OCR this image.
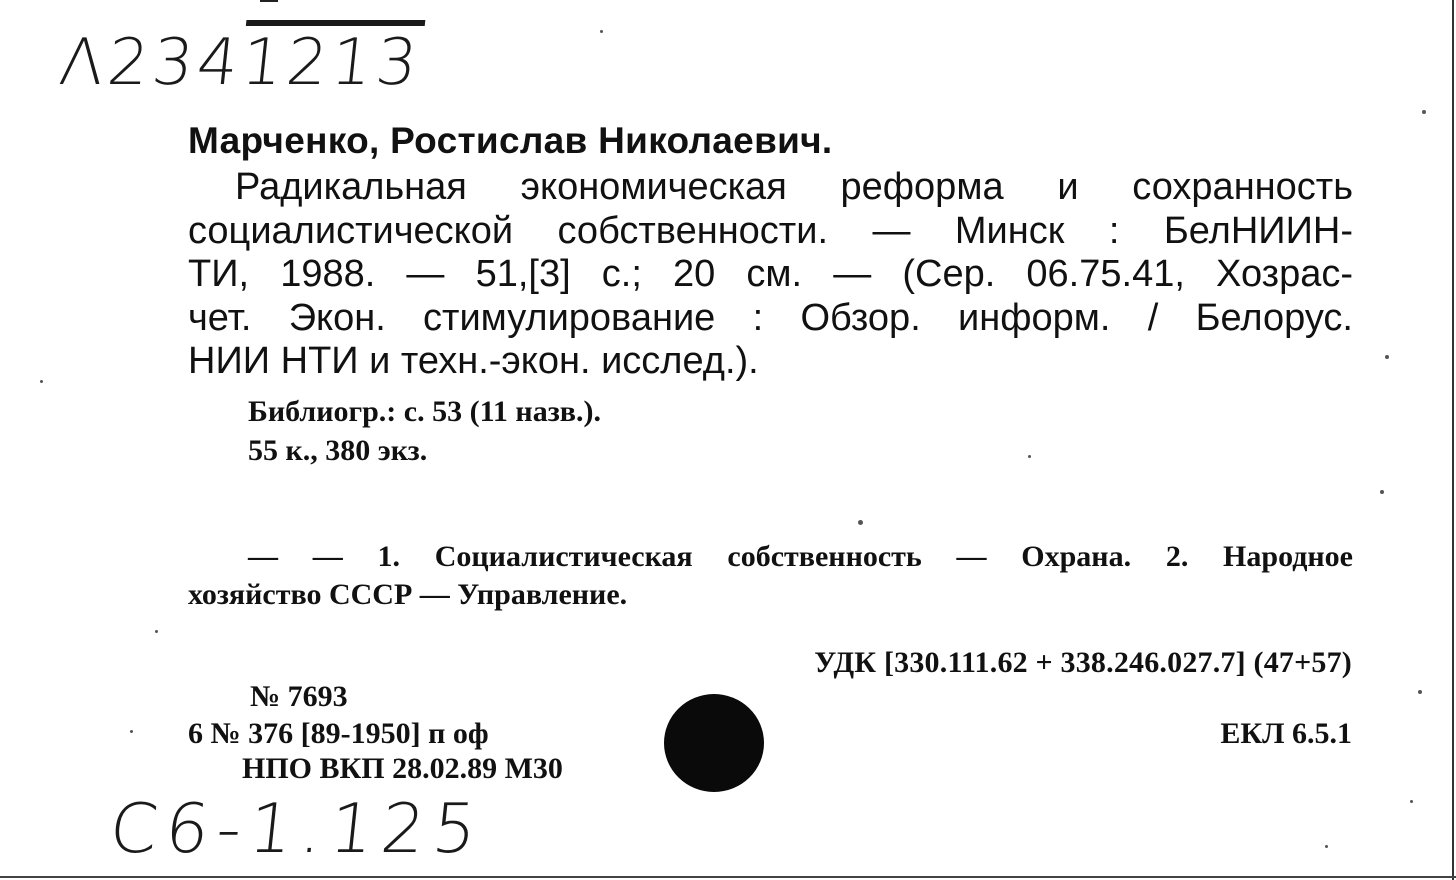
Λ2341213
Марченко, Ростислав Николаевич.
Радикальная экономическая реформа и сохранность
социалистической собственности. — Минск : БелНИИН-
ТИ, 1988. — 51,[3] с.; 20 см. — (Сер. 06.75.41, Хозрас-
чет. Экон. стимулирование : Обзор. информ. / Белорус.
НИИ НТИ и техн.-экон. исслед.).
Библиогр.: с. 53 (11 назв.).
55 к., 380 экз.
— — 1. Социалистическая собственность — Охрана. 2. Народное
хозяйство СССР — Управление.
УДК [330.111.62 + 338.246.027.7] (47+57)
№ 7693
6 № 376 [89-1950] п оф
НПО ВКП 28.02.89 М30
ЕКЛ 6.5.1
С6-1.125
